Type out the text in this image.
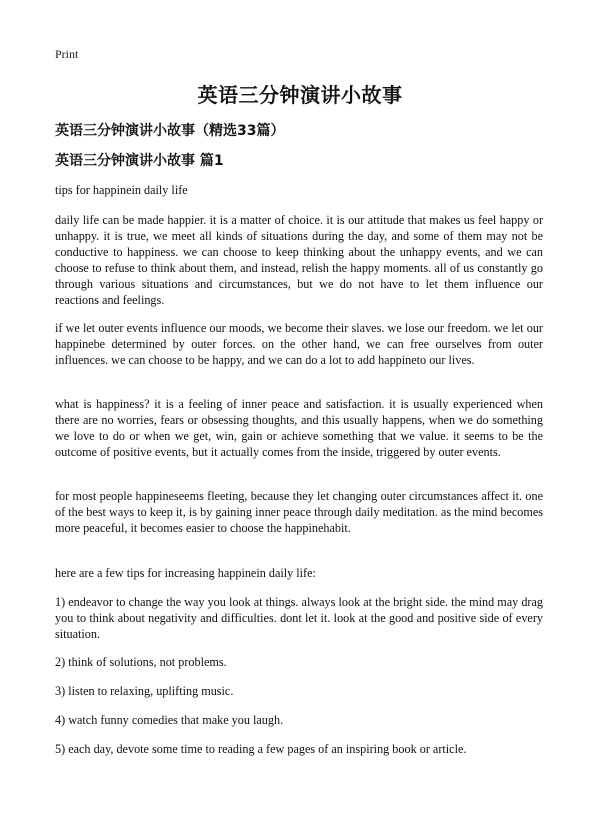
Print
英语三分钟演讲小故事
英语三分钟演讲小故事（精选33篇）
英语三分钟演讲小故事 篇1

tips for happinein daily life

daily life can be made happier. it is a matter of choice. it is our attitude that makes us feel happy or unhappy. it is true, we meet all kinds of situations during the day, and some of them may not be conductive to happiness. we can choose to keep thinking about the unhappy events, and we can choose to refuse to think about them, and instead, relish the happy moments. all of us constantly go through various situations and circumstances, but we do not have to let them influence our reactions and feelings.

if we let outer events influence our moods, we become their slaves. we lose our freedom. we let our happinebe determined by outer forces. on the other hand, we can free ourselves from outer influences. we can choose to be happy, and we can do a lot to add happineto our lives.

what is happiness? it is a feeling of inner peace and satisfaction. it is usually experienced when there are no worries, fears or obsessing thoughts, and this usually happens, when we do something we love to do or when we get, win, gain or achieve something that we value. it seems to be the outcome of positive events, but it actually comes from the inside, triggered by outer events.

for most people happineseems fleeting, because they let changing outer circumstances affect it. one of the best ways to keep it, is by gaining inner peace through daily meditation. as the mind becomes more peaceful, it becomes easier to choose the happinehabit.

here are a few tips for increasing happinein daily life:

1) endeavor to change the way you look at things. always look at the bright side. the mind may drag you to think about negativity and difficulties. dont let it. look at the good and positive side of every situation.

2) think of solutions, not problems.

3) listen to relaxing, uplifting music.

4) watch funny comedies that make you laugh.

5) each day, devote some time to reading a few pages of an inspiring book or article.
